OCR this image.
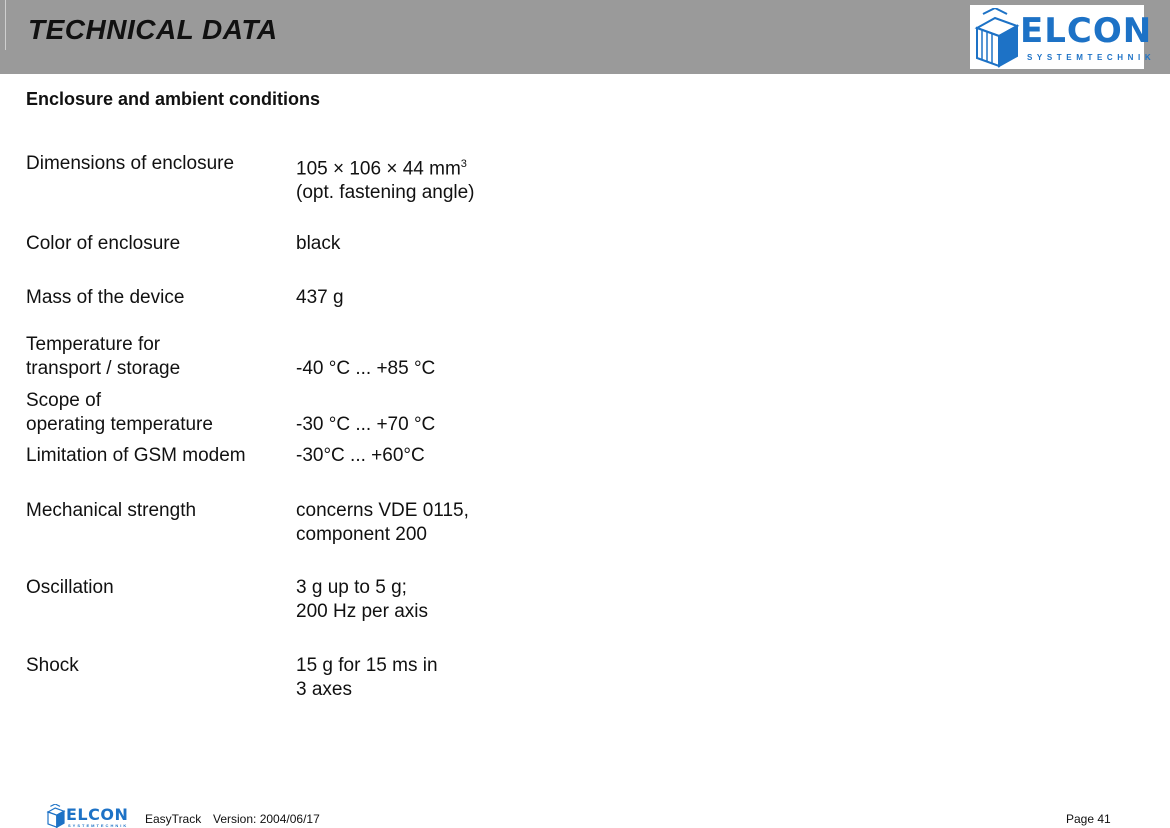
TECHNICAL DATA	ELCON
SYSTEMTECHNIK
Enclosure and ambient conditions
Dimensions of enclosure	105 × 106 × 44 $mm^3$
(opt. fastening angle)
Color of enclosure	black
Mass of the device	437 g
Temperature for
transport / storage	-40 °C ... +85 °C
Scope of
operating temperature	-30 °C ... +70 °C
Limitation of GSM modem	-30°C ... +60°C
Mechanical strength	concerns VDE 0115,
component 200
Oscillation	3 g up to 5 g;
200 Hz per axis
Shock	15 g for 15 ms in
3 axes
ELCON
SYSTEMTECHNIK EasyTrack Version: 2004/06/17	Page 41
